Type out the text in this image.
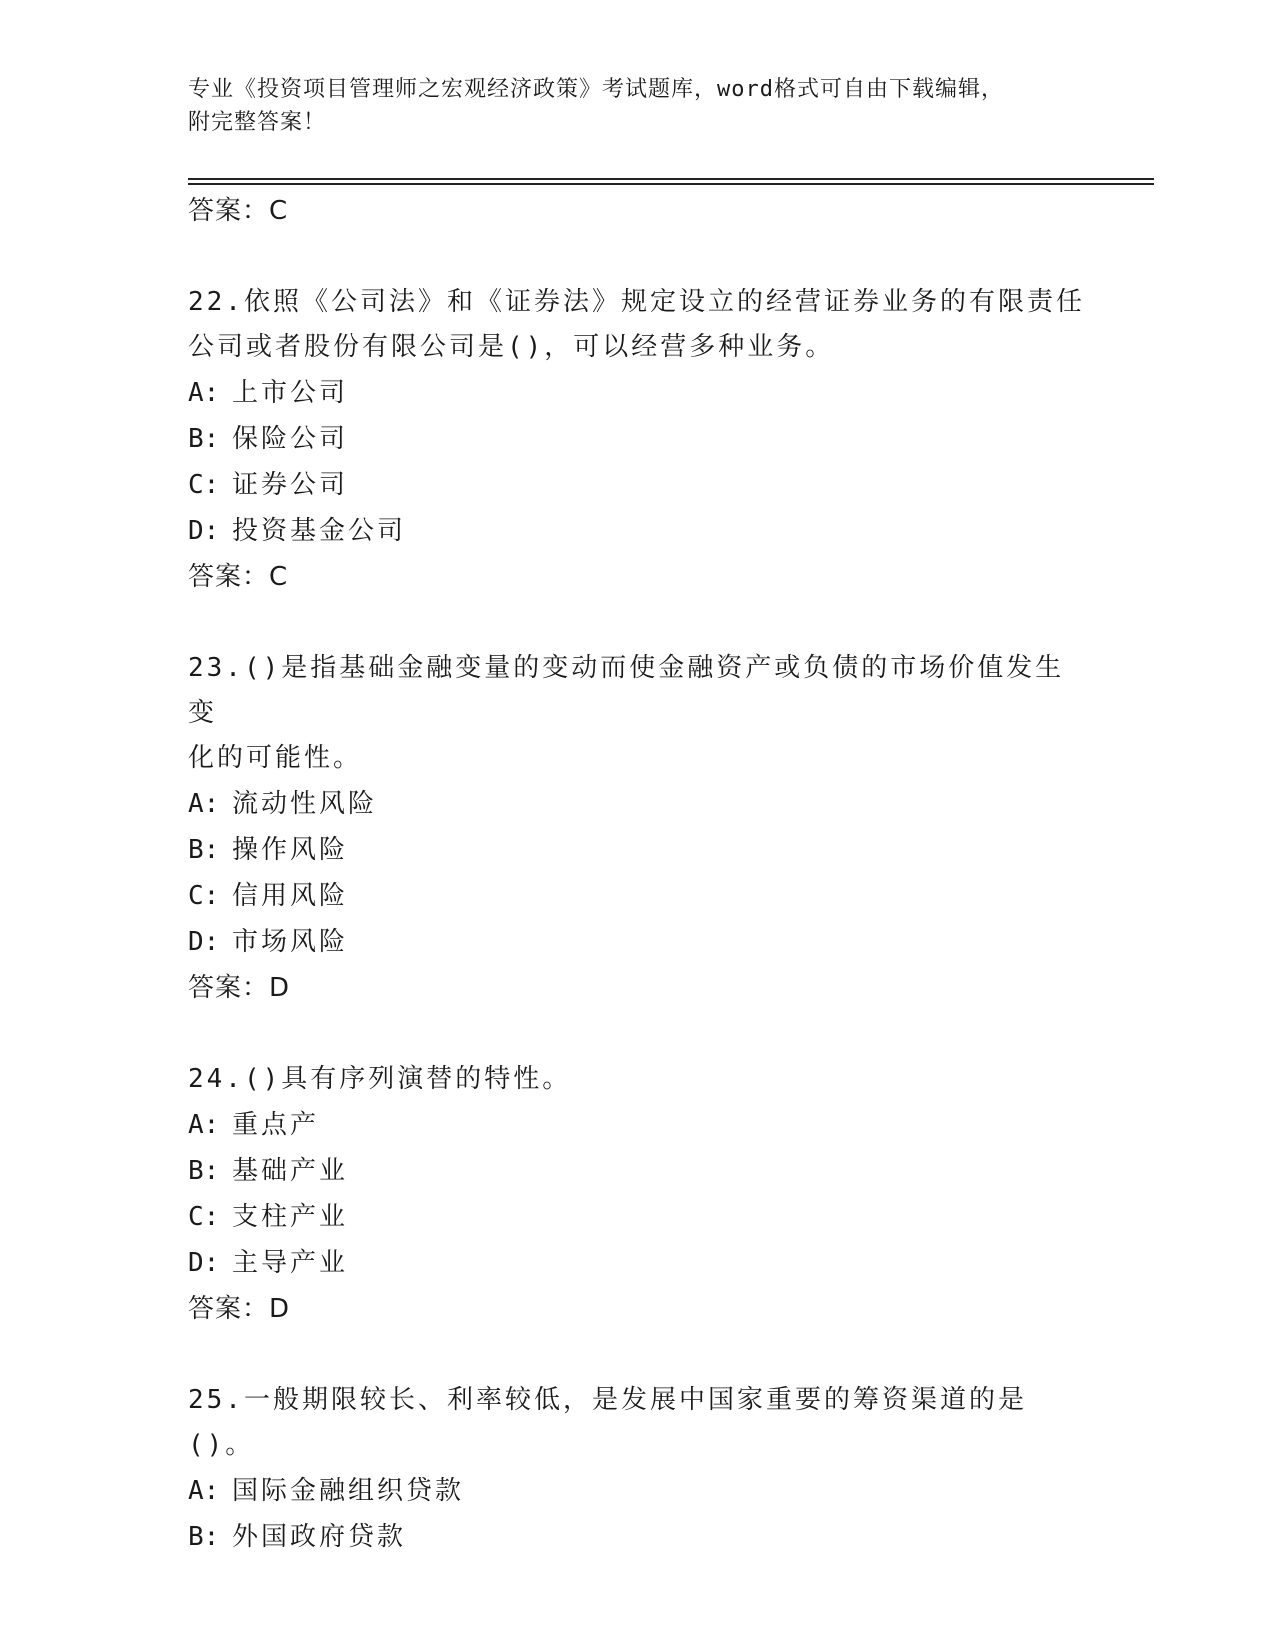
专业《投资项目管理师之宏观经济政策》考试题库，word格式可自由下载编辑，
附完整答案！
答案：C
22.依照《公司法》和《证券法》规定设立的经营证券业务的有限责任
公司或者股份有限公司是()，可以经营多种业务。
A: 上市公司
B: 保险公司
C: 证券公司
D: 投资基金公司
答案：C
23.()是指基础金融变量的变动而使金融资产或负债的市场价值发生变
化的可能性。
A: 流动性风险
B: 操作风险
C: 信用风险
D: 市场风险
答案：D
24.()具有序列演替的特性。
A: 重点产
B: 基础产业
C: 支柱产业
D: 主导产业
答案：D
25.一般期限较长、利率较低，是发展中国家重要的筹资渠道的是()。
A: 国际金融组织贷款
B: 外国政府贷款
